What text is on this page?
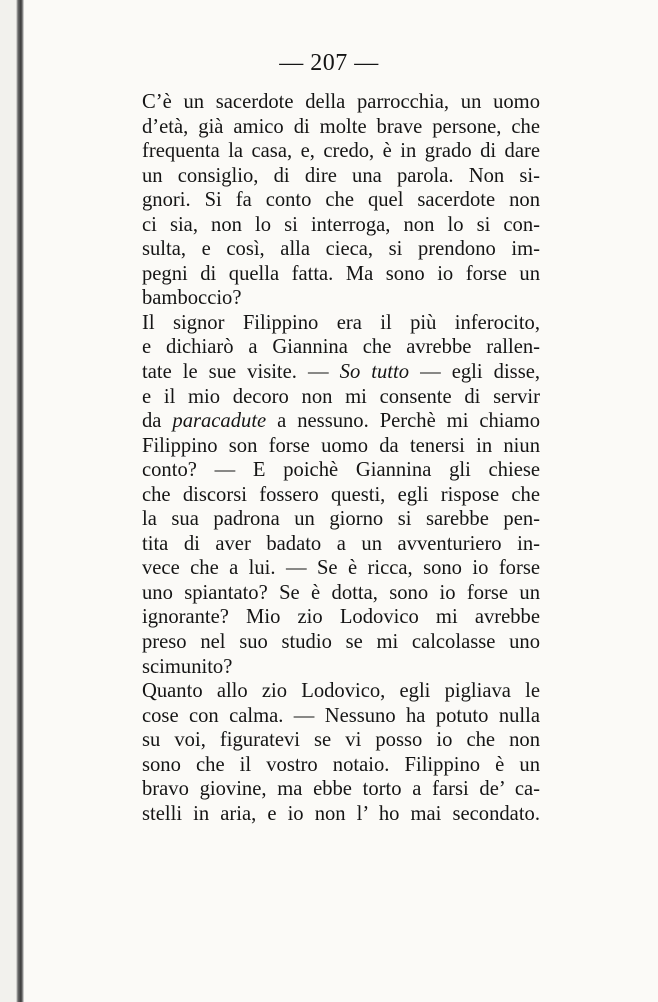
— 207 —
C’è un sacerdote della parrocchia, un uomo
d’età, già amico di molte brave persone, che
frequenta la casa, e, credo, è in grado di dare
un consiglio, di dire una parola. Non si-
gnori. Si fa conto che quel sacerdote non
ci sia, non lo si interroga, non lo si con-
sulta, e così, alla cieca, si prendono im-
pegni di quella fatta. Ma sono io forse un
bamboccio?
Il signor Filippino era il più inferocito,
e dichiarò a Giannina che avrebbe rallen-
tate le sue visite. — So tutto — egli disse,
e il mio decoro non mi consente di servir
da paracadute a nessuno. Perchè mi chiamo
Filippino son forse uomo da tenersi in niun
conto? — E poichè Giannina gli chiese
che discorsi fossero questi, egli rispose che
la sua padrona un giorno si sarebbe pen-
tita di aver badato a un avventuriero in-
vece che a lui. — Se è ricca, sono io forse
uno spiantato? Se è dotta, sono io forse un
ignorante? Mio zio Lodovico mi avrebbe
preso nel suo studio se mi calcolasse uno
scimunito?
Quanto allo zio Lodovico, egli pigliava le
cose con calma. — Nessuno ha potuto nulla
su voi, figuratevi se vi posso io che non
sono che il vostro notaio. Filippino è un
bravo giovine, ma ebbe torto a farsi de’ ca-
stelli in aria, e io non l’ ho mai secondato.
